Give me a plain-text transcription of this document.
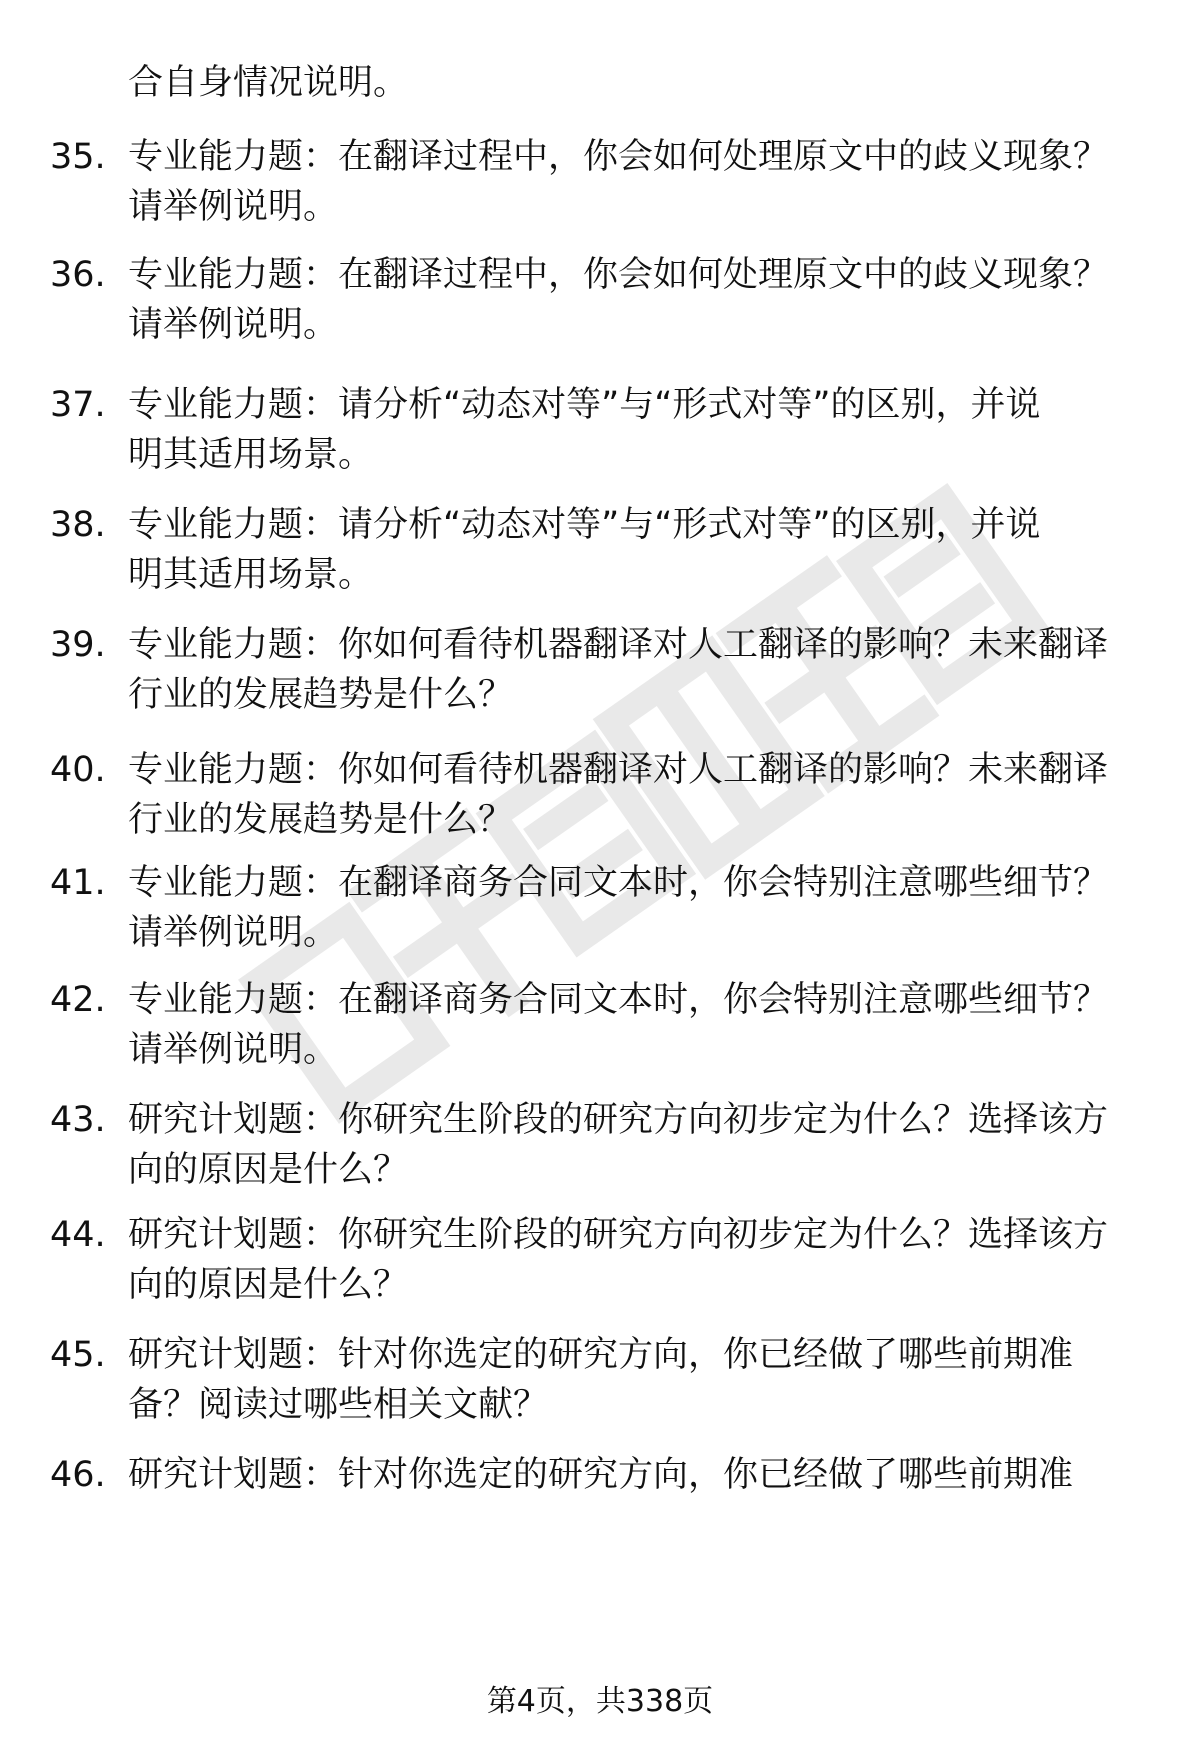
合自身情况说明。
35. 专业能力题：在翻译过程中，你会如何处理原文中的歧义现象？
请举例说明。
36. 专业能力题：在翻译过程中，你会如何处理原文中的歧义现象？
请举例说明。
37. 专业能力题：请分析“动态对等”与“形式对等”的区别，并说
明其适用场景。
38. 专业能力题：请分析“动态对等”与“形式对等”的区别，并说
明其适用场景。
39. 专业能力题：你如何看待机器翻译对人工翻译的影响？未来翻译
行业的发展趋势是什么？
40. 专业能力题：你如何看待机器翻译对人工翻译的影响？未来翻译
行业的发展趋势是什么？
41. 专业能力题：在翻译商务合同文本时，你会特别注意哪些细节？
请举例说明。
42. 专业能力题：在翻译商务合同文本时，你会特别注意哪些细节？
请举例说明。
43. 研究计划题：你研究生阶段的研究方向初步定为什么？选择该方
向的原因是什么？
44. 研究计划题：你研究生阶段的研究方向初步定为什么？选择该方
向的原因是什么？
45. 研究计划题：针对你选定的研究方向，你已经做了哪些前期准
备？阅读过哪些相关文献？
46. 研究计划题：针对你选定的研究方向，你已经做了哪些前期准
第4页，共338页
